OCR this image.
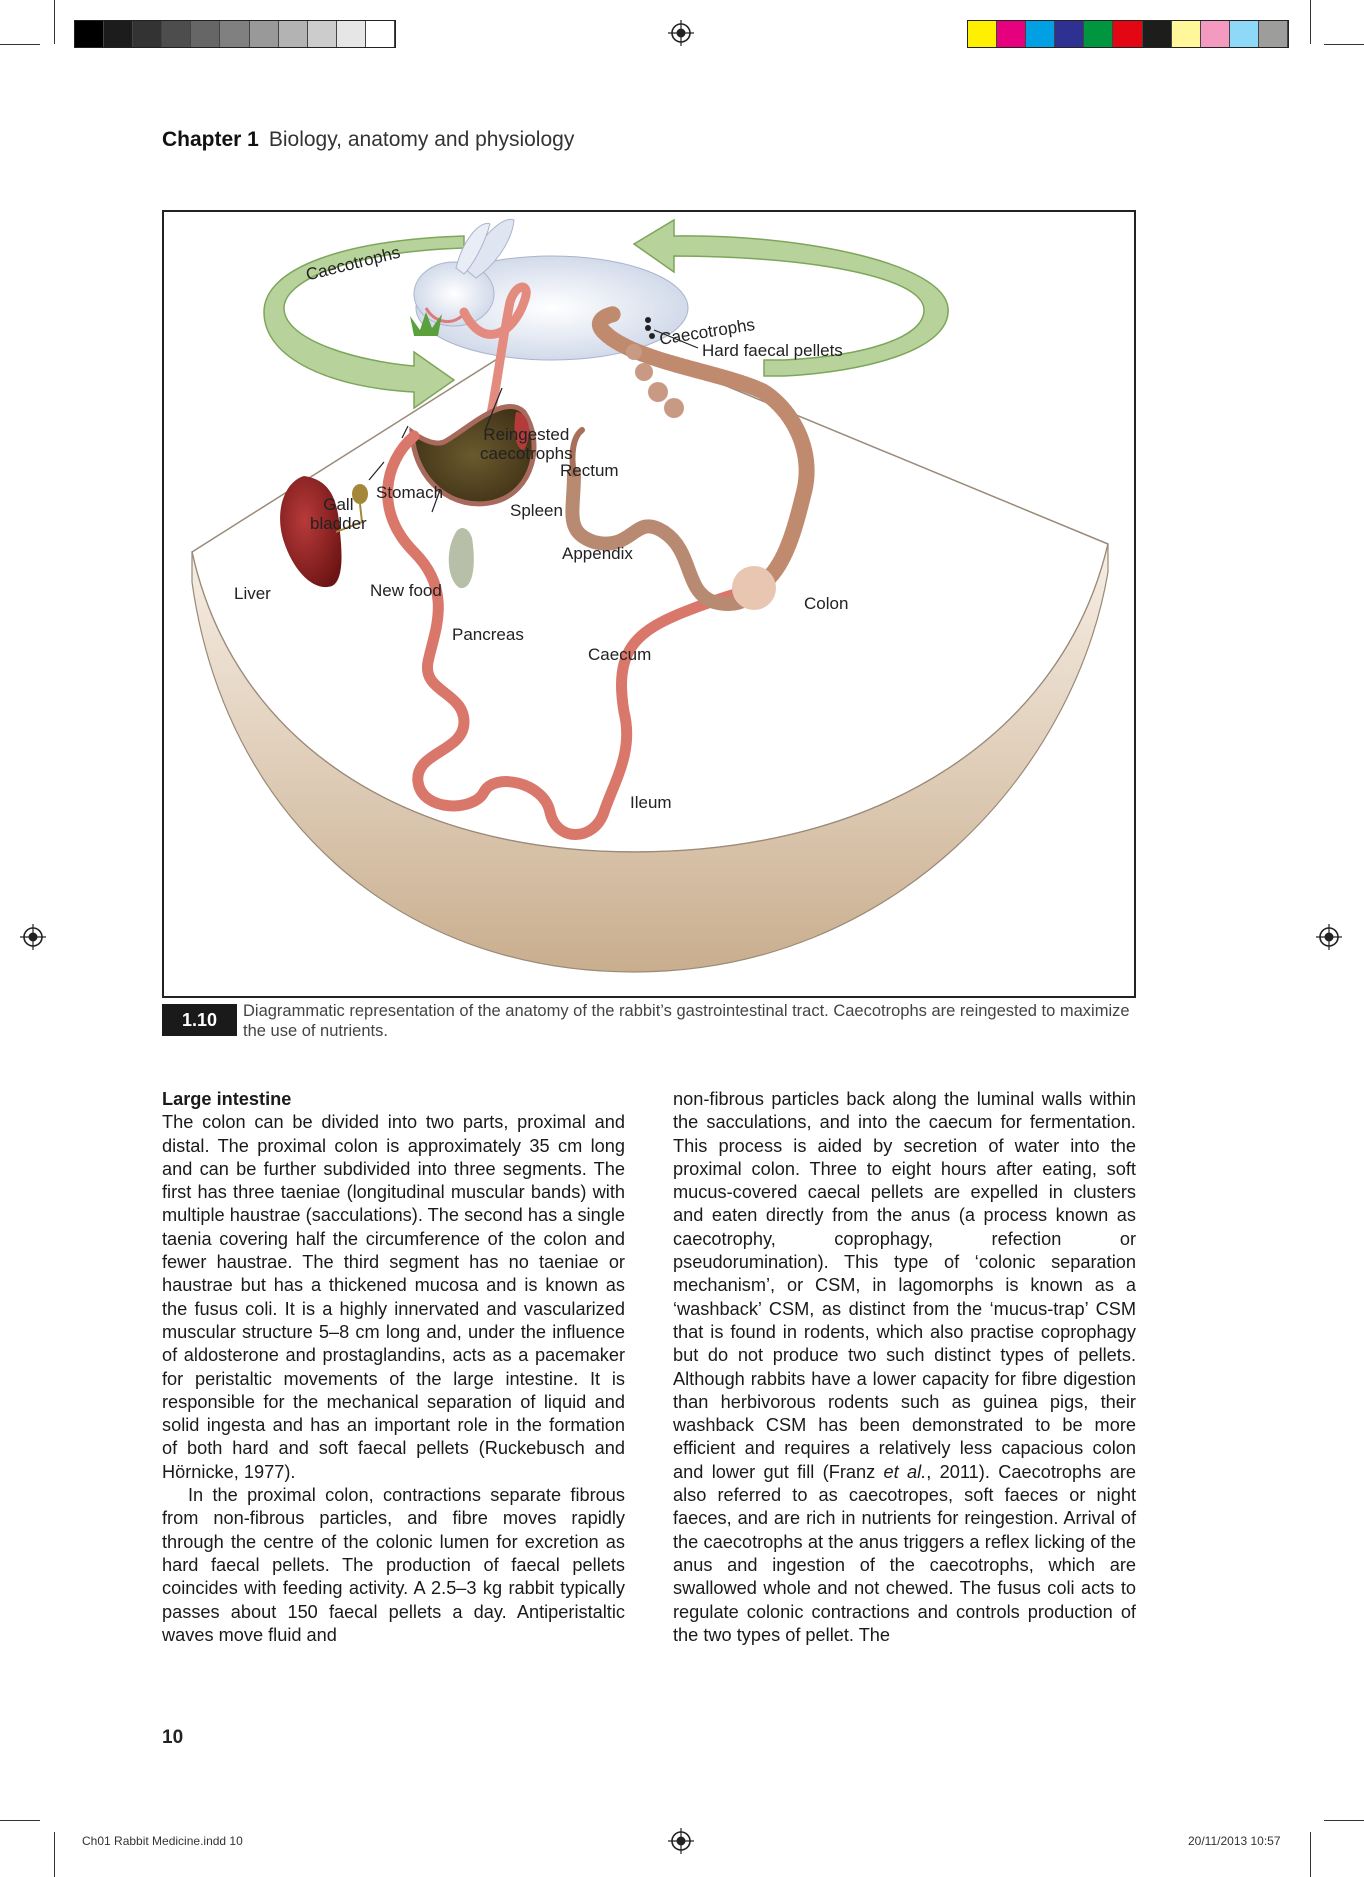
Chapter 1 Biology, anatomy and physiology
Caecotrophs
Caecotrophs
Hard faecal pellets
Reingested
caecotrophs
Rectum
Stomach
Gall
bladder
Spleen
Appendix
Liver	New food
Colon
Pancreas
Caecum
Ileum
1.10	Diagrammatic representation of the anatomy of the rabbit’s gastrointestinal tract. Caecotrophs are reingested to maximize the use of nutrients.

Large intestine

The colon can be divided into two parts, proximal and distal. The proximal colon is approximately 35 cm long and can be further subdivided into three segments. The first has three taeniae (longitudinal muscular bands) with multiple haustrae (sacculations). The second has a single taenia covering half the circumference of the colon and fewer haustrae. The third segment has no taeniae or haustrae but has a thickened mucosa and is known as the fusus coli. It is a highly innervated and vascularized muscular structure 5–8 cm long and, under the influence of aldosterone and prostaglandins, acts as a pacemaker for peristaltic movements of the large intestine. It is responsible for the mechanical separation of liquid and solid ingesta and has an important role in the formation of both hard and soft faecal pellets (Ruckebusch and Hörnicke, 1977).

In the proximal colon, contractions separate fibrous from non-fibrous particles, and fibre moves rapidly through the centre of the colonic lumen for excretion as hard faecal pellets. The production of faecal pellets coincides with feeding activity. A 2.5–3 kg rabbit typically passes about 150 faecal pellets a day. Antiperistaltic waves move fluid and

non-fibrous particles back along the luminal walls within the sacculations, and into the caecum for fermentation. This process is aided by secretion of water into the proximal colon. Three to eight hours after eating, soft mucus-covered caecal pellets are expelled in clusters and eaten directly from the anus (a process known as caecotrophy, coprophagy, refection or pseudorumination). This type of ‘colonic separation mechanism’, or CSM, in lagomorphs is known as a ‘washback’ CSM, as distinct from the ‘mucus-trap’ CSM that is found in rodents, which also practise coprophagy but do not produce two such distinct types of pellets. Although rabbits have a lower capacity for fibre digestion than herbivorous rodents such as guinea pigs, their washback CSM has been demonstrated to be more efficient and requires a relatively less capacious colon and lower gut fill (Franz et al., 2011). Caecotrophs are also referred to as caecotropes, soft faeces or night faeces, and are rich in nutrients for reingestion. Arrival of the caecotrophs at the anus triggers a reflex licking of the anus and ingestion of the caecotrophs, which are swallowed whole and not chewed. The fusus coli acts to regulate colonic contractions and controls production of the two types of pellet. The

10
Ch01 Rabbit Medicine.indd 10	20/11/2013 10:57
